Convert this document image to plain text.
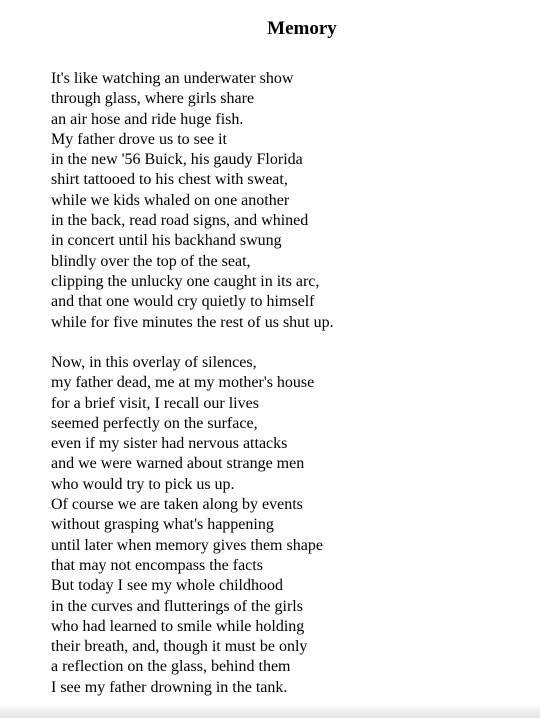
Memory
It's like watching an underwater show
through glass, where girls share
an air hose and ride huge fish.
My father drove us to see it
in the new '56 Buick, his gaudy Florida
shirt tattooed to his chest with sweat,
while we kids whaled on one another
in the back, read road signs, and whined
in concert until his backhand swung
blindly over the top of the seat,
clipping the unlucky one caught in its arc,
and that one would cry quietly to himself
while for five minutes the rest of us shut up.
Now, in this overlay of silences,
my father dead, me at my mother's house
for a brief visit, I recall our lives
seemed perfectly on the surface,
even if my sister had nervous attacks
and we were warned about strange men
who would try to pick us up.
Of course we are taken along by events
without grasping what's happening
until later when memory gives them shape
that may not encompass the facts
But today I see my whole childhood
in the curves and flutterings of the girls
who had learned to smile while holding
their breath, and, though it must be only
a reflection on the glass, behind them
I see my father drowning in the tank.
